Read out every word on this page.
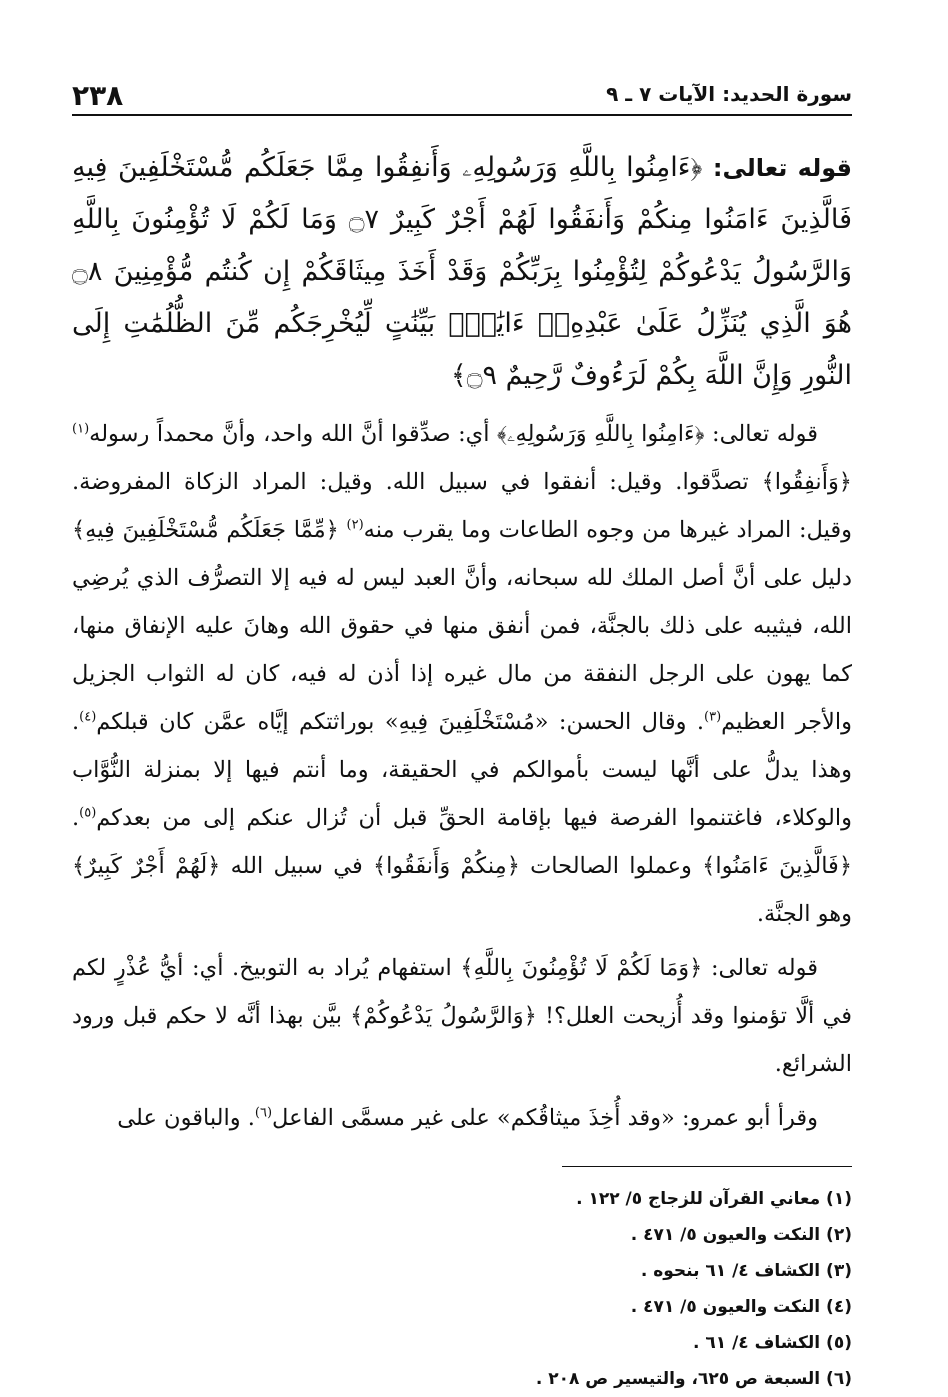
سورة الحديد: الآيات ٧ ـ ٩
٢٣٨
قوله تعالى: ﴿ءَامِنُوا بِاللَّهِ وَرَسُولِهِۦ وَأَنفِقُوا مِمَّا جَعَلَكُم مُّسْتَخْلَفِينَ فِيهِ فَالَّذِينَ ءَامَنُوا مِنكُمْ وَأَنفَقُوا لَهُمْ أَجْرٌ كَبِيرٌ ۝٧ وَمَا لَكُمْ لَا تُؤْمِنُونَ بِاللَّهِ وَالرَّسُولُ يَدْعُوكُمْ لِتُؤْمِنُوا بِرَبِّكُمْ وَقَدْ أَخَذَ مِيثَاقَكُمْ إِن كُنتُم مُّؤْمِنِينَ ۝٨ هُوَ الَّذِي يُنَزِّلُ عَلَىٰ عَبْدِهِۦٓ ءَايَٰتٍۭ بَيِّنَٰتٍ لِّيُخْرِجَكُم مِّنَ الظُّلُمَٰتِ إِلَى النُّورِ وَإِنَّ اللَّهَ بِكُمْ لَرَءُوفٌ رَّحِيمٌ ۝٩﴾

قوله تعالى: ﴿ءَامِنُوا بِاللَّهِ وَرَسُولِهِۦ﴾ أي: صدِّقوا أنَّ الله واحد، وأنَّ محمداً رسوله$^{(١)}$ ﴿وَأَنفِقُوا﴾ تصدَّقوا. وقيل: أنفقوا في سبيل الله. وقيل: المراد الزكاة المفروضة. وقيل: المراد غيرها من وجوه الطاعات وما يقرب منه$^{(٢)}$ ﴿مِّمَّا جَعَلَكُم مُّسْتَخْلَفِينَ فِيهِ﴾ دليل على أنَّ أصل الملك لله سبحانه، وأنَّ العبد ليس له فيه إلا التصرُّف الذي يُرضِي الله، فيثيبه على ذلك بالجنَّة، فمن أنفق منها في حقوق الله وهانَ عليه الإنفاق منها، كما يهون على الرجل النفقة من مال غيره إذا أذن له فيه، كان له الثواب الجزيل والأجر العظيم$^{(٣)}$. وقال الحسن: «مُسْتَخْلَفِينَ فِيهِ» بوراثتكم إيَّاه عمَّن كان قبلكم$^{(٤)}$. وهذا يدلُّ على أنَّها ليست بأموالكم في الحقيقة، وما أنتم فيها إلا بمنزلة النُّوَّاب والوكلاء، فاغتنموا الفرصة فيها بإقامة الحقِّ قبل أن تُزال عنكم إلى من بعدكم$^{(٥)}$. ﴿فَالَّذِينَ ءَامَنُوا﴾ وعملوا الصالحات ﴿مِنكُمْ وَأَنفَقُوا﴾ في سبيل الله ﴿لَهُمْ أَجْرٌ كَبِيرٌ﴾ وهو الجنَّة.

قوله تعالى: ﴿وَمَا لَكُمْ لَا تُؤْمِنُونَ بِاللَّهِ﴾ استفهام يُراد به التوبيخ. أي: أيُّ عُذْرٍ لكم في ألَّا تؤمنوا وقد أُزيحت العلل؟! ﴿وَالرَّسُولُ يَدْعُوكُمْ﴾ بيَّن بهذا أنَّه لا حكم قبل ورود الشرائع.

وقرأ أبو عمرو: «وقد أُخِذَ ميثاقُكم» على غير مسمَّى الفاعل$^{(٦)}$. والباقون على

(١) معاني القرآن للزجاج ٥/ ١٢٢ .
(٢) النكت والعيون ٥/ ٤٧١ .
(٣) الكشاف ٤/ ٦١ بنحوه .
(٤) النكت والعيون ٥/ ٤٧١ .
(٥) الكشاف ٤/ ٦١ .
(٦) السبعة ص ٦٢٥، والتيسير ص ٢٠٨ .
